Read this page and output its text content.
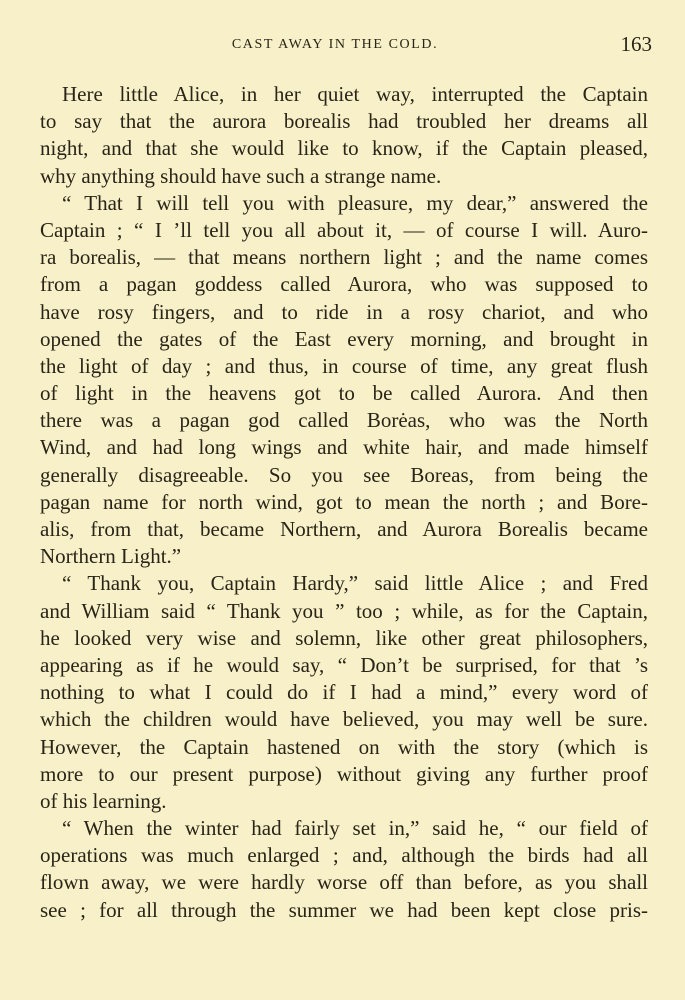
CAST AWAY IN THE COLD.	163
Here little Alice, in her quiet way, interrupted the Captain
to say that the aurora borealis had troubled her dreams all
night, and that she would like to know, if the Captain pleased,
why anything should have such a strange name.
“ That I will tell you with pleasure, my dear,” answered the
Captain ; “ I ’ll tell you all about it, — of course I will. Auro-
ra borealis, — that means northern light ; and the name comes
from a pagan goddess called Aurora, who was supposed to
have rosy fingers, and to ride in a rosy chariot, and who
opened the gates of the East every morning, and brought in
the light of day ; and thus, in course of time, any great flush
of light in the heavens got to be called Aurora. And then
there was a pagan god called Borėas, who was the North
Wind, and had long wings and white hair, and made himself
generally disagreeable. So you see Boreas, from being the
pagan name for north wind, got to mean the north ; and Bore-
alis, from that, became Northern, and Aurora Borealis became
Northern Light.”
“ Thank you, Captain Hardy,” said little Alice ; and Fred
and William said “ Thank you ” too ; while, as for the Captain,
he looked very wise and solemn, like other great philosophers,
appearing as if he would say, “ Don’t be surprised, for that ’s
nothing to what I could do if I had a mind,” every word of
which the children would have believed, you may well be sure.
However, the Captain hastened on with the story (which is
more to our present purpose) without giving any further proof
of his learning.
“ When the winter had fairly set in,” said he, “ our field of
operations was much enlarged ; and, although the birds had all
flown away, we were hardly worse off than before, as you shall
see ; for all through the summer we had been kept close pris-
